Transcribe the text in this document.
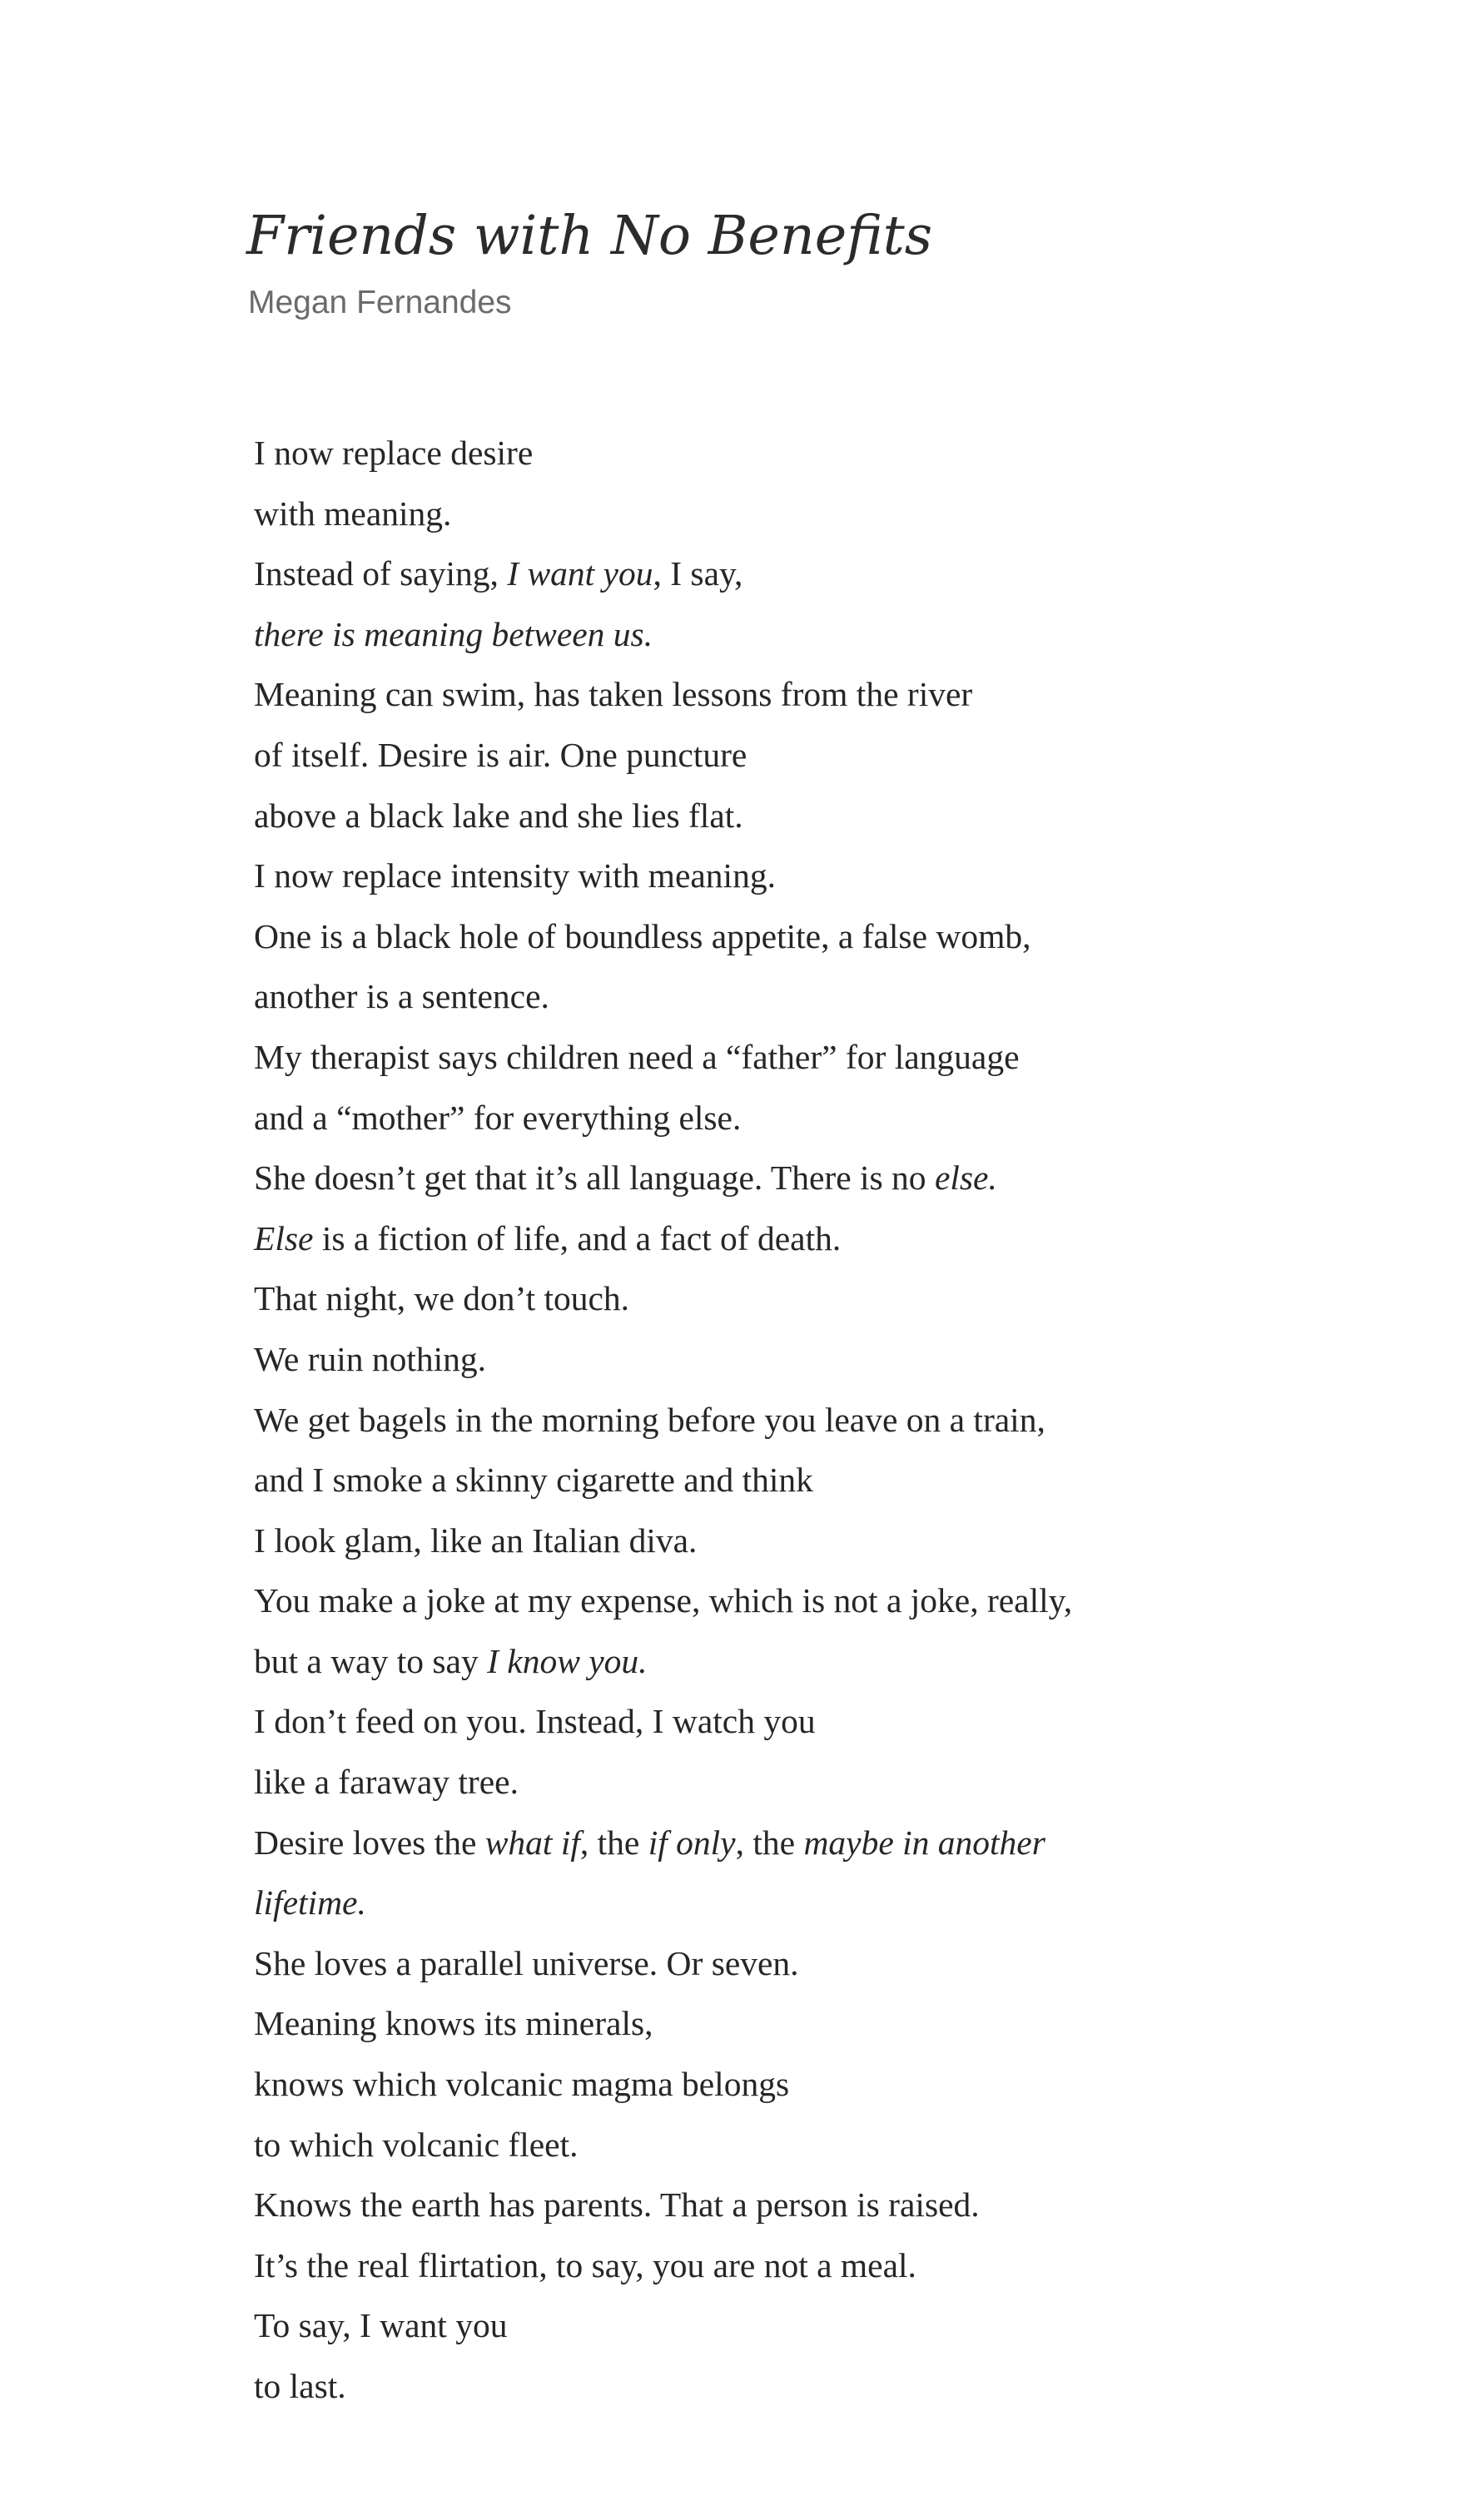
Friends with No Benefits
Megan Fernandes
I now replace desire
with meaning.
Instead of saying, I want you, I say,
there is meaning between us.
Meaning can swim, has taken lessons from the river
of itself. Desire is air. One puncture
above a black lake and she lies flat.
I now replace intensity with meaning.
One is a black hole of boundless appetite, a false womb,
another is a sentence.
My therapist says children need a “father” for language
and a “mother” for everything else.
She doesn’t get that it’s all language. There is no else.
Else is a fiction of life, and a fact of death.
That night, we don’t touch.
We ruin nothing.
We get bagels in the morning before you leave on a train,
and I smoke a skinny cigarette and think
I look glam, like an Italian diva.
You make a joke at my expense, which is not a joke, really,
but a way to say I know you.
I don’t feed on you. Instead, I watch you
like a faraway tree.
Desire loves the what if, the if only, the maybe in another
lifetime.
She loves a parallel universe. Or seven.
Meaning knows its minerals,
knows which volcanic magma belongs
to which volcanic fleet.
Knows the earth has parents. That a person is raised.
It’s the real flirtation, to say, you are not a meal.
To say, I want you
to last.
